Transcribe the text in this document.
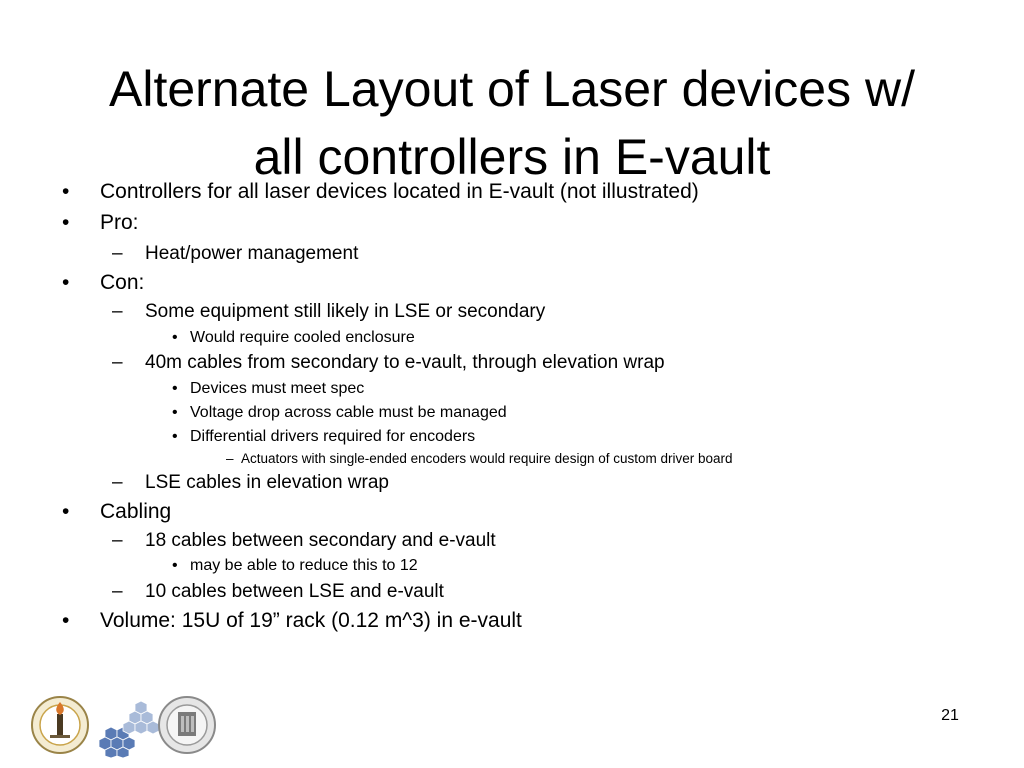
Alternate Layout of Laser devices w/
all controllers in E-vault
• Controllers for all laser devices located in E-vault (not illustrated)
• Pro:
– Heat/power management
• Con:
– Some equipment still likely in LSE or secondary
• Would require cooled enclosure
– 40m cables from secondary to e-vault, through elevation wrap
• Devices must meet spec
• Voltage drop across cable must be managed
• Differential drivers required for encoders
– Actuators with single-ended encoders would require design of custom driver board
– LSE cables in elevation wrap
• Cabling
– 18 cables between secondary and e-vault
• may be able to reduce this to 12
– 10 cables between LSE and e-vault
• Volume: 15U of 19” rack (0.12 m^3) in e-vault
21
